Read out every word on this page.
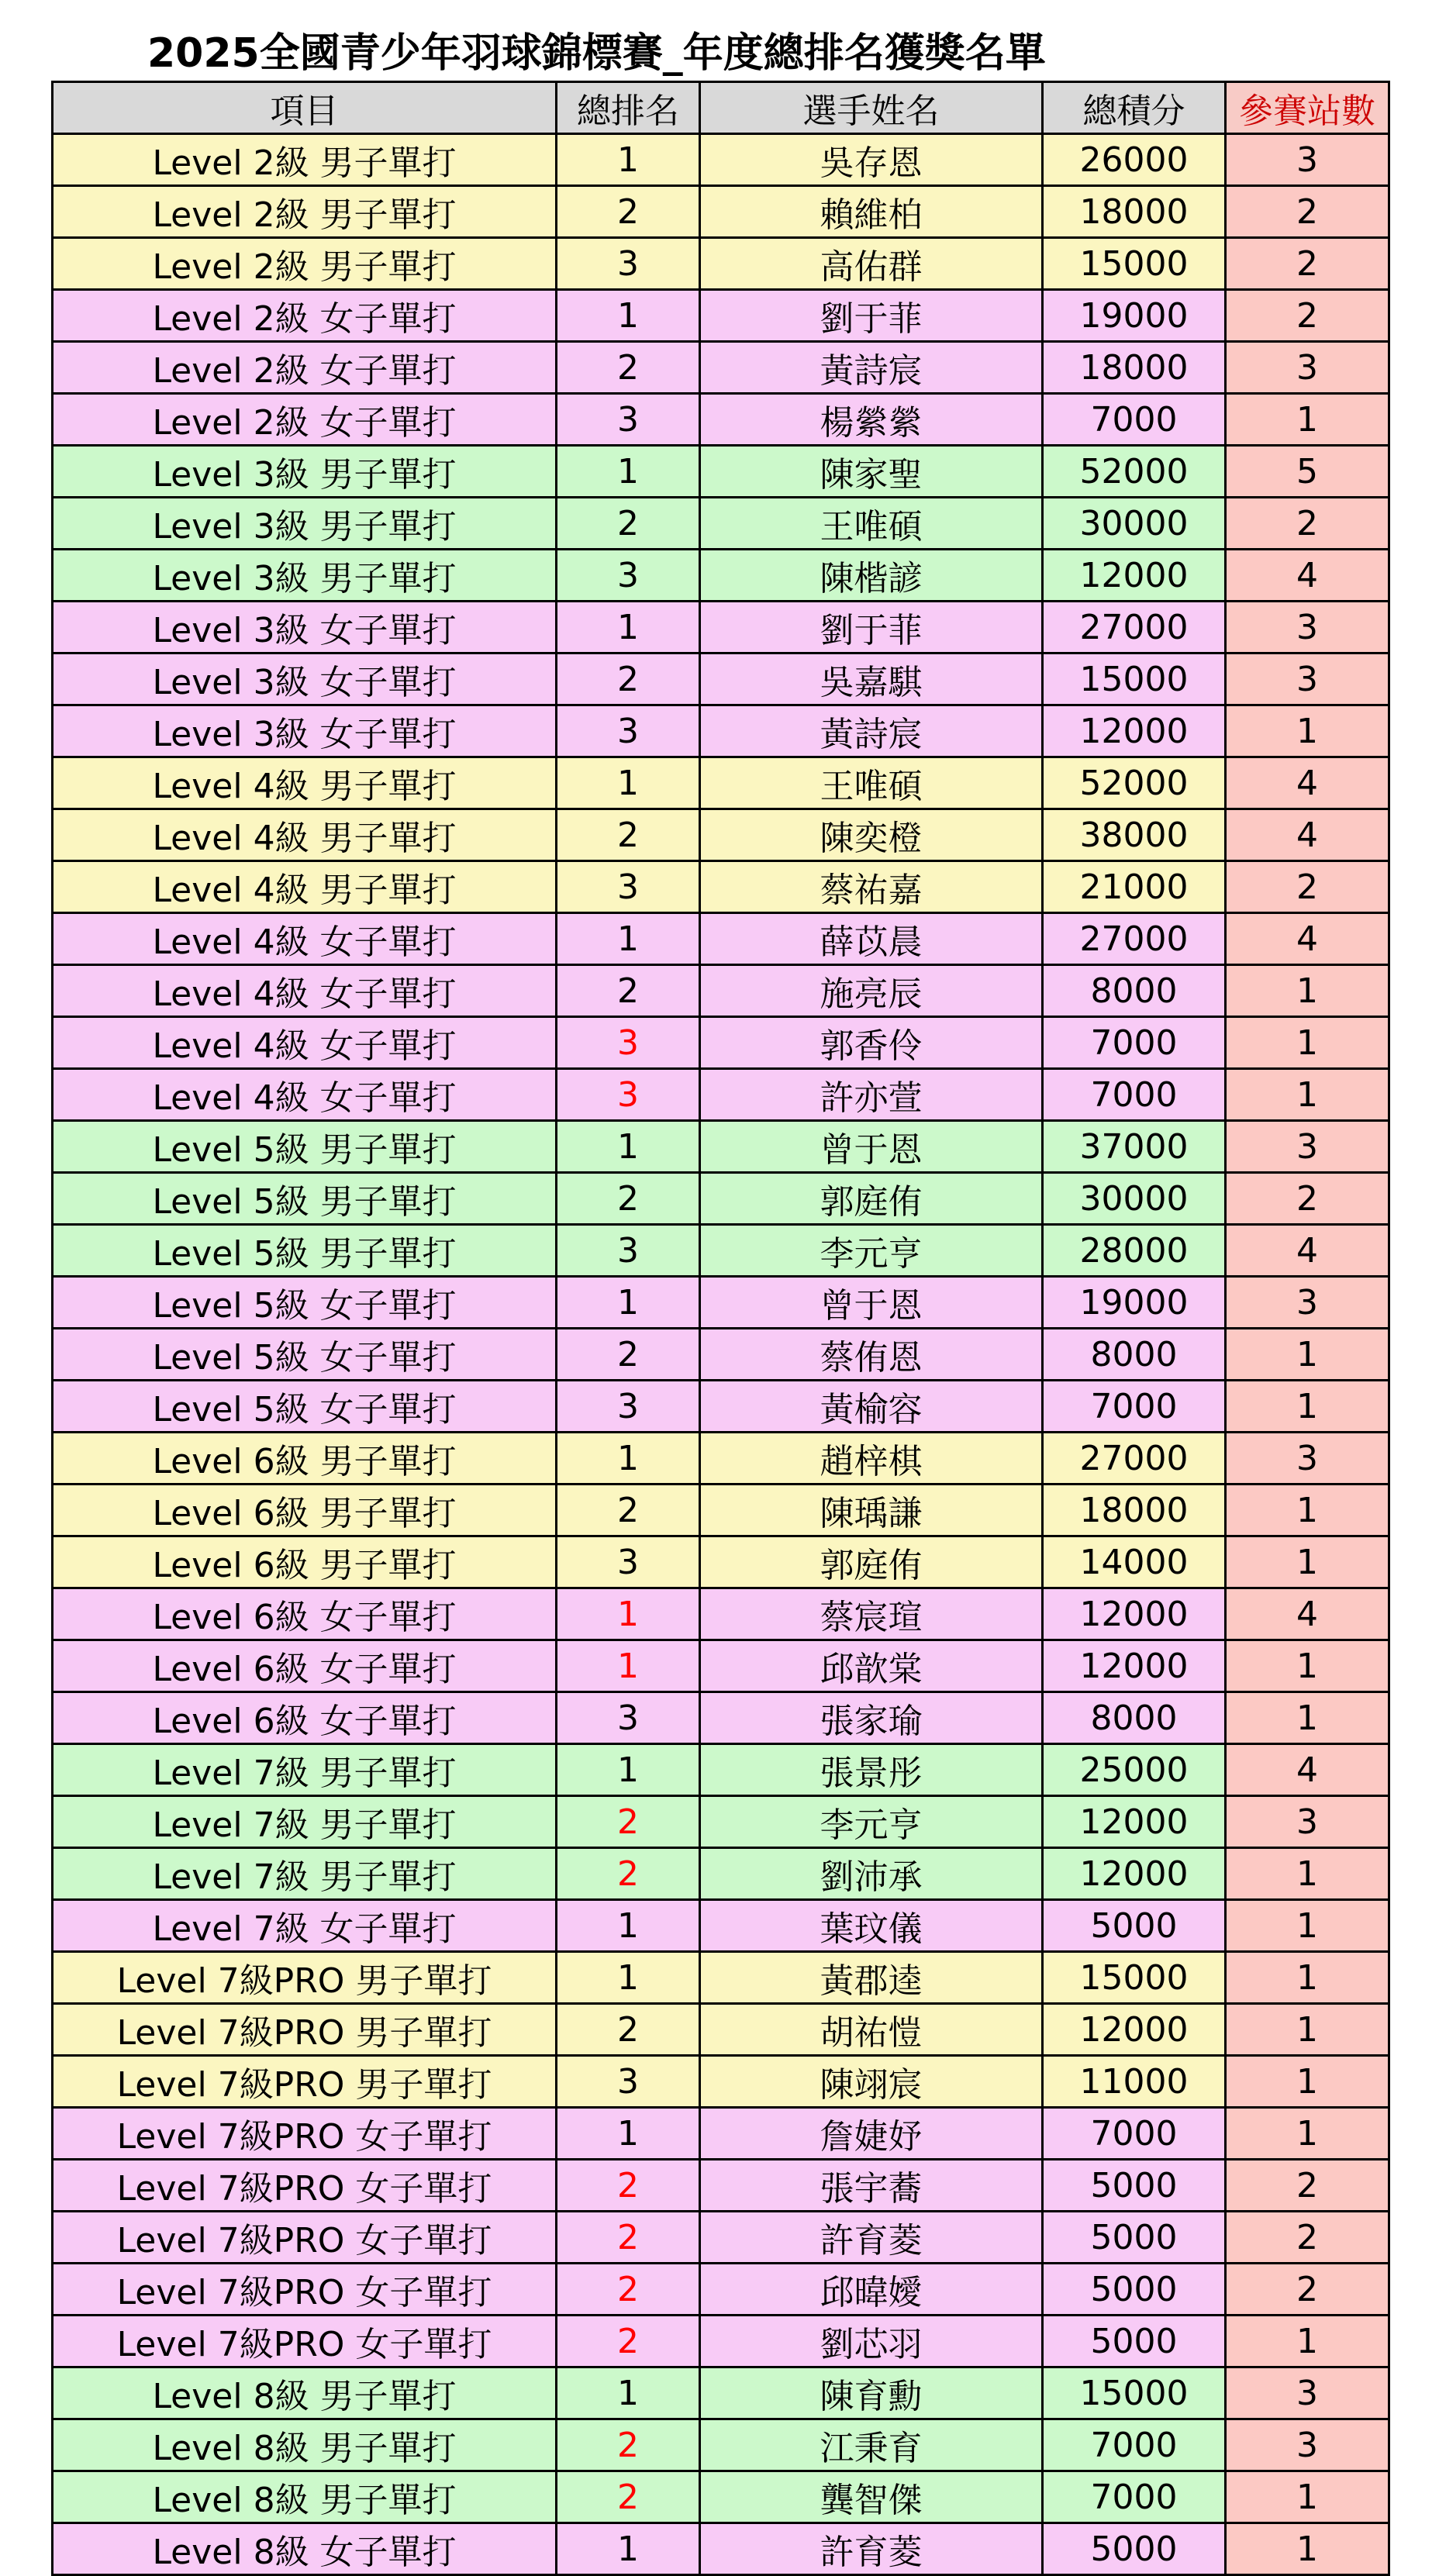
2025全國青少年羽球錦標賽_年度總排名獲獎名單
項目	總排名	選手姓名	總積分	參賽站數
Level 2級 男子單打	1	吳存恩	26000	3
Level 2級 男子單打	2	賴維柏	18000	2
Level 2級 男子單打	3	高佑群	15000	2
Level 2級 女子單打	1	劉于菲	19000	2
Level 2級 女子單打	2	黃詩宸	18000	3
Level 2級 女子單打	3	楊縈縈	7000	1
Level 3級 男子單打	1	陳家聖	52000	5
Level 3級 男子單打	2	王唯碩	30000	2
Level 3級 男子單打	3	陳楷諺	12000	4
Level 3級 女子單打	1	劉于菲	27000	3
Level 3級 女子單打	2	吳嘉騏	15000	3
Level 3級 女子單打	3	黃詩宸	12000	1
Level 4級 男子單打	1	王唯碩	52000	4
Level 4級 男子單打	2	陳奕橙	38000	4
Level 4級 男子單打	3	蔡祐嘉	21000	2
Level 4級 女子單打	1	薛苡晨	27000	4
Level 4級 女子單打	2	施亮辰	8000	1
Level 4級 女子單打	3	郭香伶	7000	1
Level 4級 女子單打	3	許亦萱	7000	1
Level 5級 男子單打	1	曾于恩	37000	3
Level 5級 男子單打	2	郭庭侑	30000	2
Level 5級 男子單打	3	李元亨	28000	4
Level 5級 女子單打	1	曾于恩	19000	3
Level 5級 女子單打	2	蔡侑恩	8000	1
Level 5級 女子單打	3	黃榆容	7000	1
Level 6級 男子單打	1	趙梓棋	27000	3
Level 6級 男子單打	2	陳瑀謙	18000	1
Level 6級 男子單打	3	郭庭侑	14000	1
Level 6級 女子單打	1	蔡宸瑄	12000	4
Level 6級 女子單打	1	邱歆棠	12000	1
Level 6級 女子單打	3	張家瑜	8000	1
Level 7級 男子單打	1	張景彤	25000	4
Level 7級 男子單打	2	李元亨	12000	3
Level 7級 男子單打	2	劉沛承	12000	1
Level 7級 女子單打	1	葉玟儀	5000	1
Level 7級PRO 男子單打	1	黃郡逵	15000	1
Level 7級PRO 男子單打	2	胡祐愷	12000	1
Level 7級PRO 男子單打	3	陳翊宸	11000	1
Level 7級PRO 女子單打	1	詹婕妤	7000	1
Level 7級PRO 女子單打	2	張宇蕎	5000	2
Level 7級PRO 女子單打	2	許育菱	5000	2
Level 7級PRO 女子單打	2	邱暐嬡	5000	2
Level 7級PRO 女子單打	2	劉芯羽	5000	1
Level 8級 男子單打	1	陳育勳	15000	3
Level 8級 男子單打	2	江秉育	7000	3
Level 8級 男子單打	2	龔智傑	7000	1
Level 8級 女子單打	1	許育菱	5000	1
